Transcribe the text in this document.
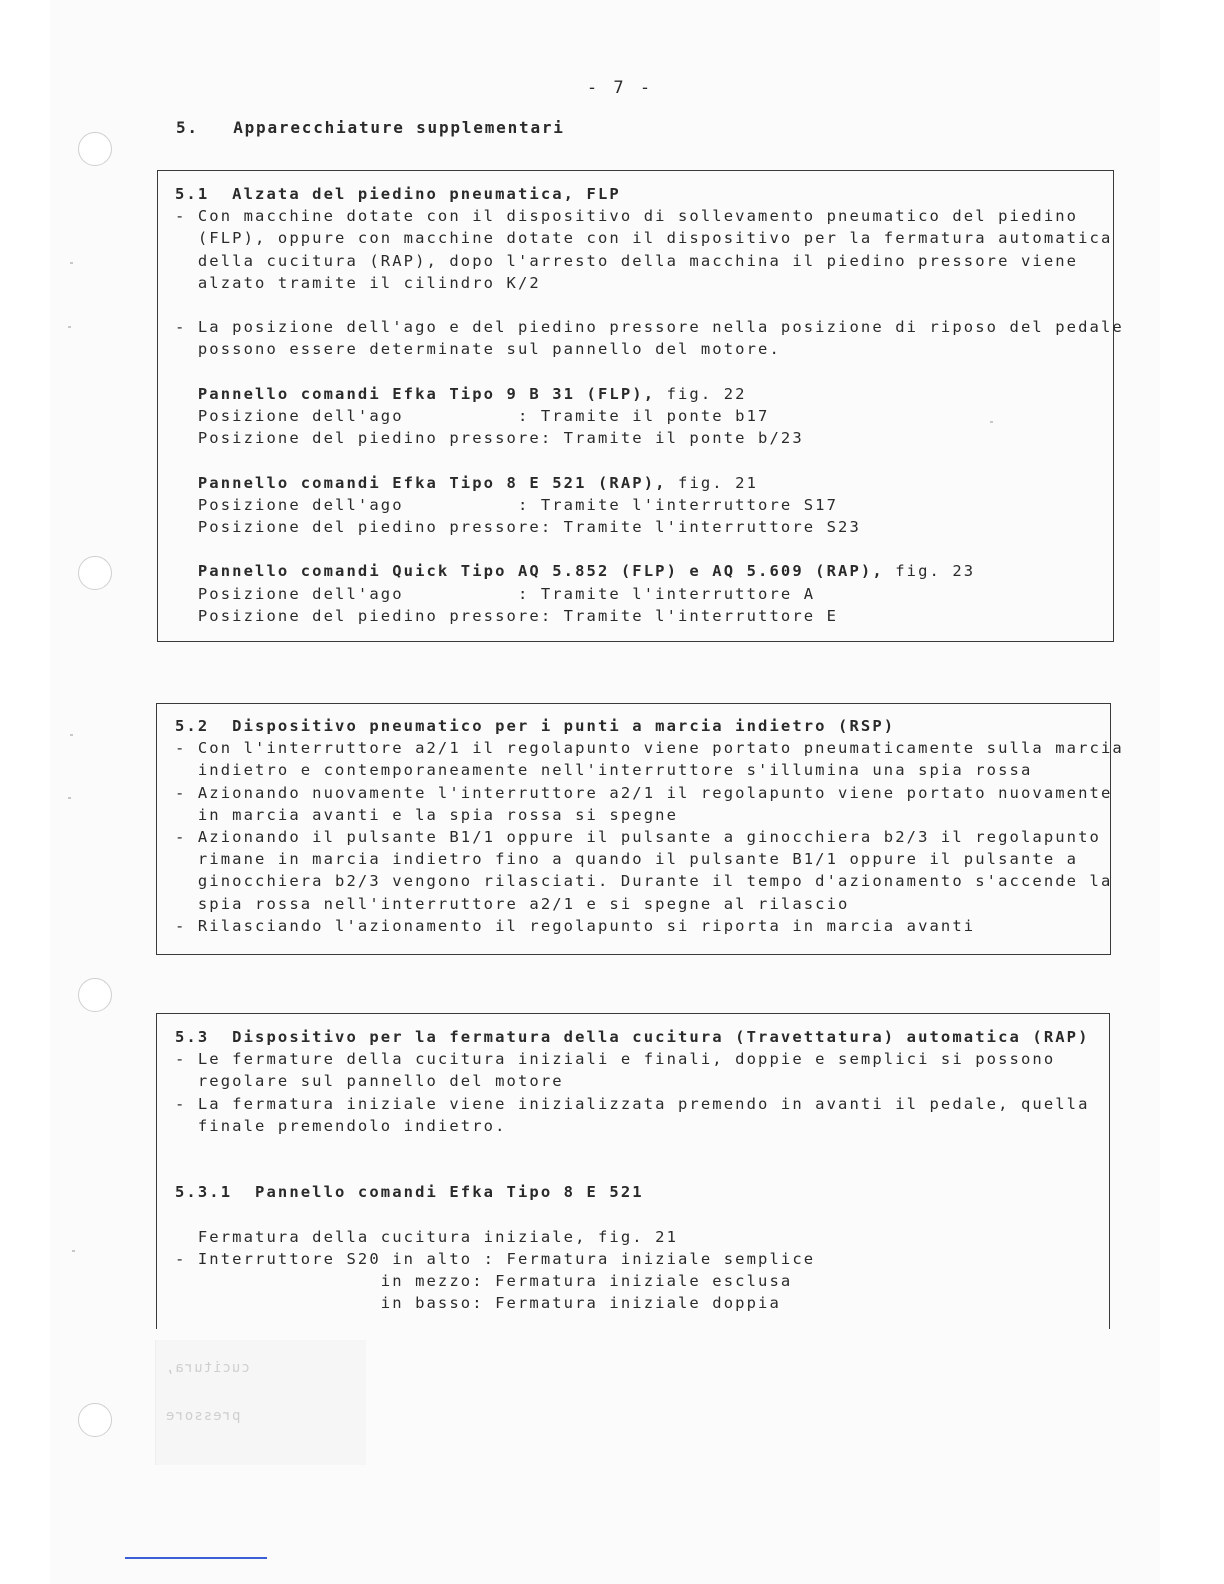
- 7 -
5. Apparecchiature supplementari
cucitura,
pressore
5.1  Alzata del piedino pneumatica, FLP
- Con macchine dotate con il dispositivo di sollevamento pneumatico del piedino
(FLP), oppure con macchine dotate con il dispositivo per la fermatura automatica
della cucitura (RAP), dopo l'arresto della macchina il piedino pressore viene
alzato tramite il cilindro K/2
- La posizione dell'ago e del piedino pressore nella posizione di riposo del pedale
possono essere determinate sul pannello del motore.
Pannello comandi Efka Tipo 9 B 31 (FLP), fig. 22
Posizione dell'ago          : Tramite il ponte b17
Posizione del piedino pressore: Tramite il ponte b/23
Pannello comandi Efka Tipo 8 E 521 (RAP), fig. 21
Posizione dell'ago          : Tramite l'interruttore S17
Posizione del piedino pressore: Tramite l'interruttore S23
Pannello comandi Quick Tipo AQ 5.852 (FLP) e AQ 5.609 (RAP), fig. 23
Posizione dell'ago          : Tramite l'interruttore A
Posizione del piedino pressore: Tramite l'interruttore E
5.2  Dispositivo pneumatico per i punti a marcia indietro (RSP)
- Con l'interruttore a2/1 il regolapunto viene portato pneumaticamente sulla marcia
indietro e contemporaneamente nell'interruttore s'illumina una spia rossa
- Azionando nuovamente l'interruttore a2/1 il regolapunto viene portato nuovamente
in marcia avanti e la spia rossa si spegne
- Azionando il pulsante B1/1 oppure il pulsante a ginocchiera b2/3 il regolapunto
rimane in marcia indietro fino a quando il pulsante B1/1 oppure il pulsante a
ginocchiera b2/3 vengono rilasciati. Durante il tempo d'azionamento s'accende la
spia rossa nell'interruttore a2/1 e si spegne al rilascio
- Rilasciando l'azionamento il regolapunto si riporta in marcia avanti
5.3  Dispositivo per la fermatura della cucitura (Travettatura) automatica (RAP)
- Le fermature della cucitura iniziali e finali, doppie e semplici si possono
regolare sul pannello del motore
- La fermatura iniziale viene inizializzata premendo in avanti il pedale, quella
finale premendolo indietro.
5.3.1  Pannello comandi Efka Tipo 8 E 521
Fermatura della cucitura iniziale, fig. 21
- Interruttore S20 in alto : Fermatura iniziale semplice
in mezzo: Fermatura iniziale esclusa
in basso: Fermatura iniziale doppia
